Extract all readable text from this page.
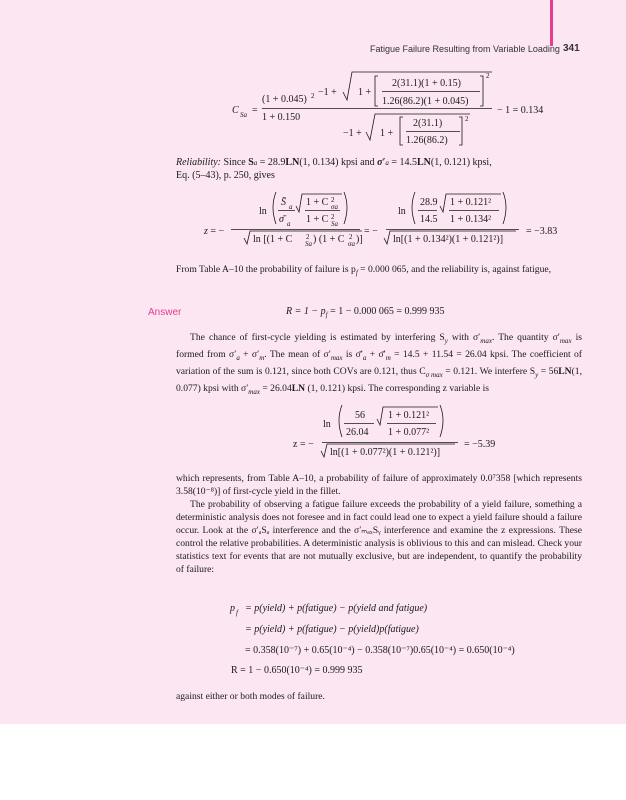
Fatigue Failure Resulting from Variable Loading 341
C Sa =
(1 + 0.045) 2 −1 + 1 +
2(31.1)(1 + 0.15)
1.26(86.2)(1 + 0.045)
2
1 + 0.150
−1 + 1 +
2(31.1)
1.26(86.2)
2
− 1 = 0.134
Reliability: Since Sa = 28.9LN(1, 0.134) kpsi and σ′a = 14.5LN(1, 0.121) kpsi,
Eq. (5–43), p. 250, gives
z = −
ln
S̄ a
σ̄ a
1 + C 2
σa
1 + C 2
Sa
ln [(1 + C 2
Sa ) (1 + C 2
σa )]
= −
ln
28.9
14.5
1 + 0.121²
1 + 0.134²
ln[(1 + 0.134²)(1 + 0.121²)]
= −3.83
From Table A–10 the probability of failure is $p_f = 0.000$ 065, and the reliability is, against fatigue,
Answer	$R = 1 - p_f = 1 - 0.000$ 065 = 0.999 935
The chance of first-cycle yielding is estimated by interfering $S_y$ with $\sigma'_{max}$. The quantity $\sigma'_{max}$ is formed from $\sigma'_a + \sigma'_m$. The mean of $\sigma'_{max}$ is $\sigmā'_a$ + $\sigmā'_m = 14.5 + 11.54 = 26.04$ kpsi. The coefficient of variation of the sum is 0.121, since both COVs are 0.121, thus $C_{\sigma max} = 0.121$. We interfere $S_y = 56LN(1$, 0.077) kpsi with $\sigma'_{max} = 26.04LN$ (1, 0.121) kpsi. The corresponding z variable is
z = −
ln
56
26.04
1 + 0.121²
1 + 0.077²
ln[(1 + 0.077²)(1 + 0.121²)]
= −5.39
which represents, from Table A–10, a probability of failure of approximately 0.0⁷358 [which represents 3.58(10⁻⁸)] of first-cycle yield in the fillet.
The probability of observing a fatigue failure exceeds the probability of a yield failure, something a deterministic analysis does not foresee and in fact could lead one to expect a yield failure should a failure occur. Look at the σ′ₐSₐ interference and the σ′ₘₐₓSᵧ interference and examine the z expressions. These control the relative probabilities. A deterministic analysis is oblivious to this and can mislead. Check your statistics text for events that are not mutually exclusive, but are independent, to quantify the probability of failure:
p f = p(yield) + p(fatigue) − p(yield and fatigue)
= p(yield) + p(fatigue) − p(yield)p(fatigue)
= 0.358(10⁻⁷) + 0.65(10⁻⁴) − 0.358(10⁻⁷)0.65(10⁻⁴) = 0.650(10⁻⁴)
R = 1 − 0.650(10⁻⁴) = 0.999 935
against either or both modes of failure.
